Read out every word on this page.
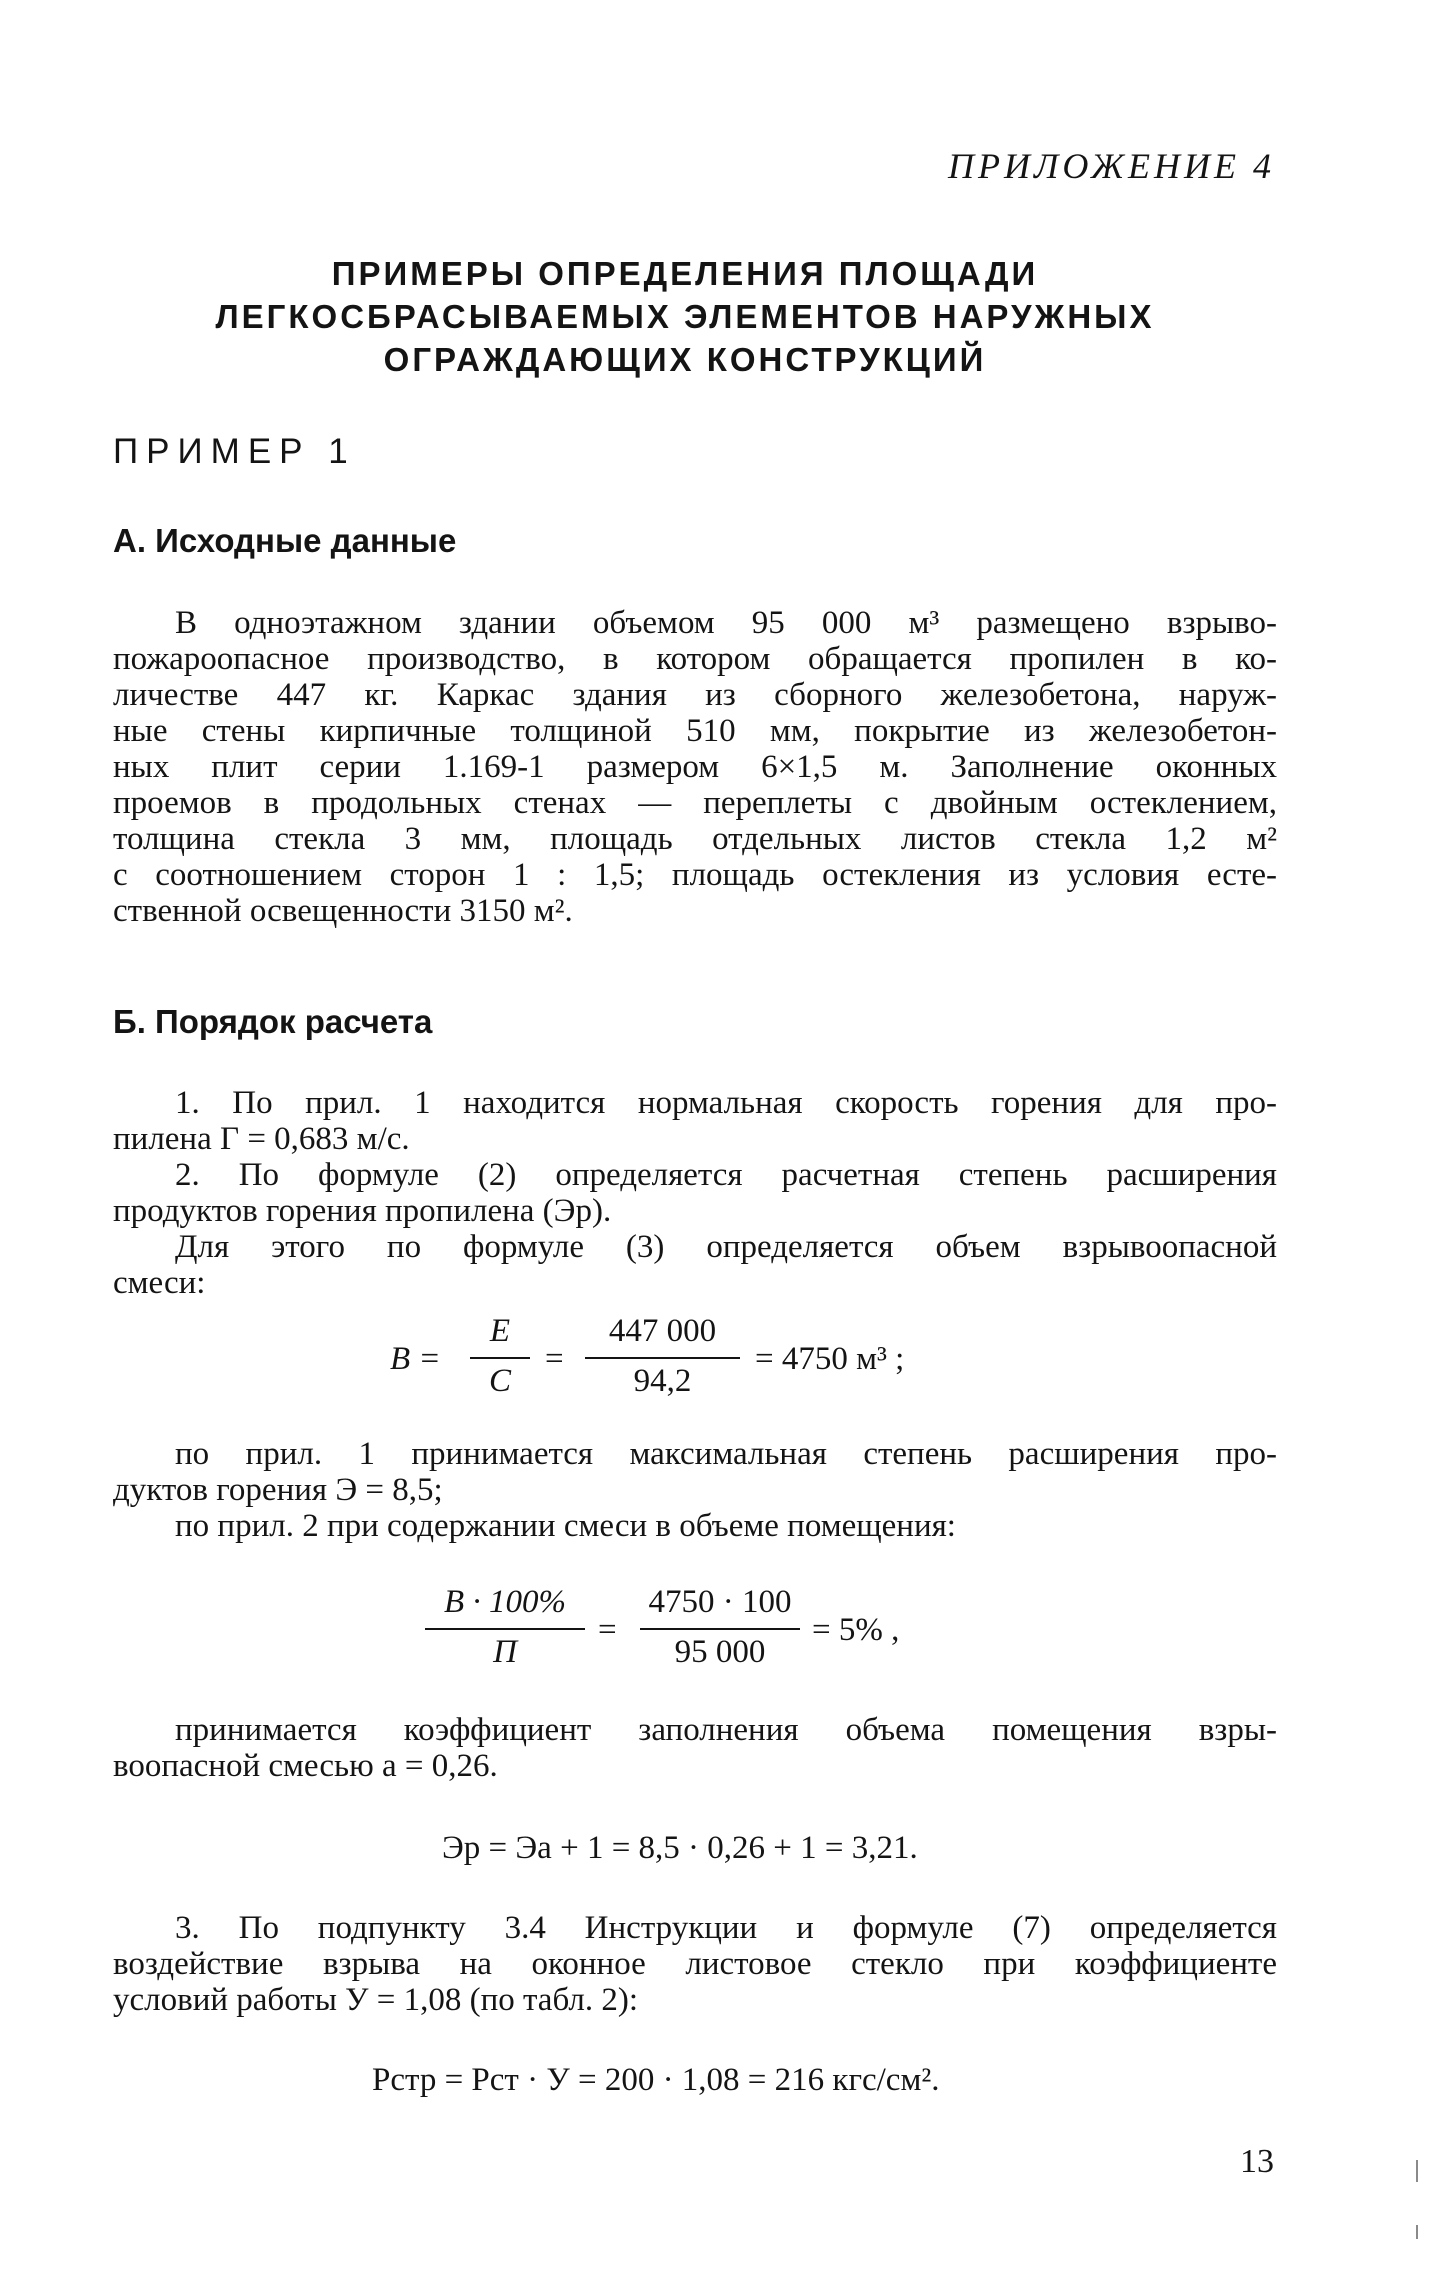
ПРИЛОЖЕНИЕ 4
ПРИМЕРЫ ОПРЕДЕЛЕНИЯ ПЛОЩАДИ
ЛЕГКОСБРАСЫВАЕМЫХ ЭЛЕМЕНТОВ НАРУЖНЫХ
ОГРАЖДАЮЩИХ КОНСТРУКЦИЙ
ПРИМЕР 1
А. Исходные данные
В одноэтажном здании объемом 95 000 м³ размещено взрыво-
пожароопасное производство, в котором обращается пропилен в ко-
личестве 447 кг. Каркас здания из сборного железобетона, наруж-
ные стены кирпичные толщиной 510 мм, покрытие из железобетон-
ных плит серии 1.169-1 размером 6×1,5 м. Заполнение оконных
проемов в продольных стенах — переплеты с двойным остеклением,
толщина стекла 3 мм, площадь отдельных листов стекла 1,2 м²
с соотношением сторон 1 : 1,5; площадь остекления из условия есте-
ственной освещенности 3150 м².
Б. Порядок расчета
1. По прил. 1 находится нормальная скорость горения для про-
пилена Г = 0,683 м/с.
2. По формуле (2) определяется расчетная степень расширения
продуктов горения пропилена (Эр).
Для этого по формуле (3) определяется объем взрывоопасной
смеси:
В =
Е
С
=
447 000
94,2
= 4750 м³ ;
по прил. 1 принимается максимальная степень расширения про-
дуктов горения Э = 8,5;
по прил. 2 при содержании смеси в объеме помещения:
В · 100%
П
=
4750 · 100
95 000
= 5% ,
принимается коэффициент заполнения объема помещения взры-
воопасной смесью а = 0,26.
Эр = Эа + 1 = 8,5 · 0,26 + 1 = 3,21.
3. По подпункту 3.4 Инструкции и формуле (7) определяется
воздействие взрыва на оконное листовое стекло при коэффициенте
условий работы У = 1,08 (по табл. 2):
Рстр = Рст · У = 200 · 1,08 = 216 кгс/см².
13
